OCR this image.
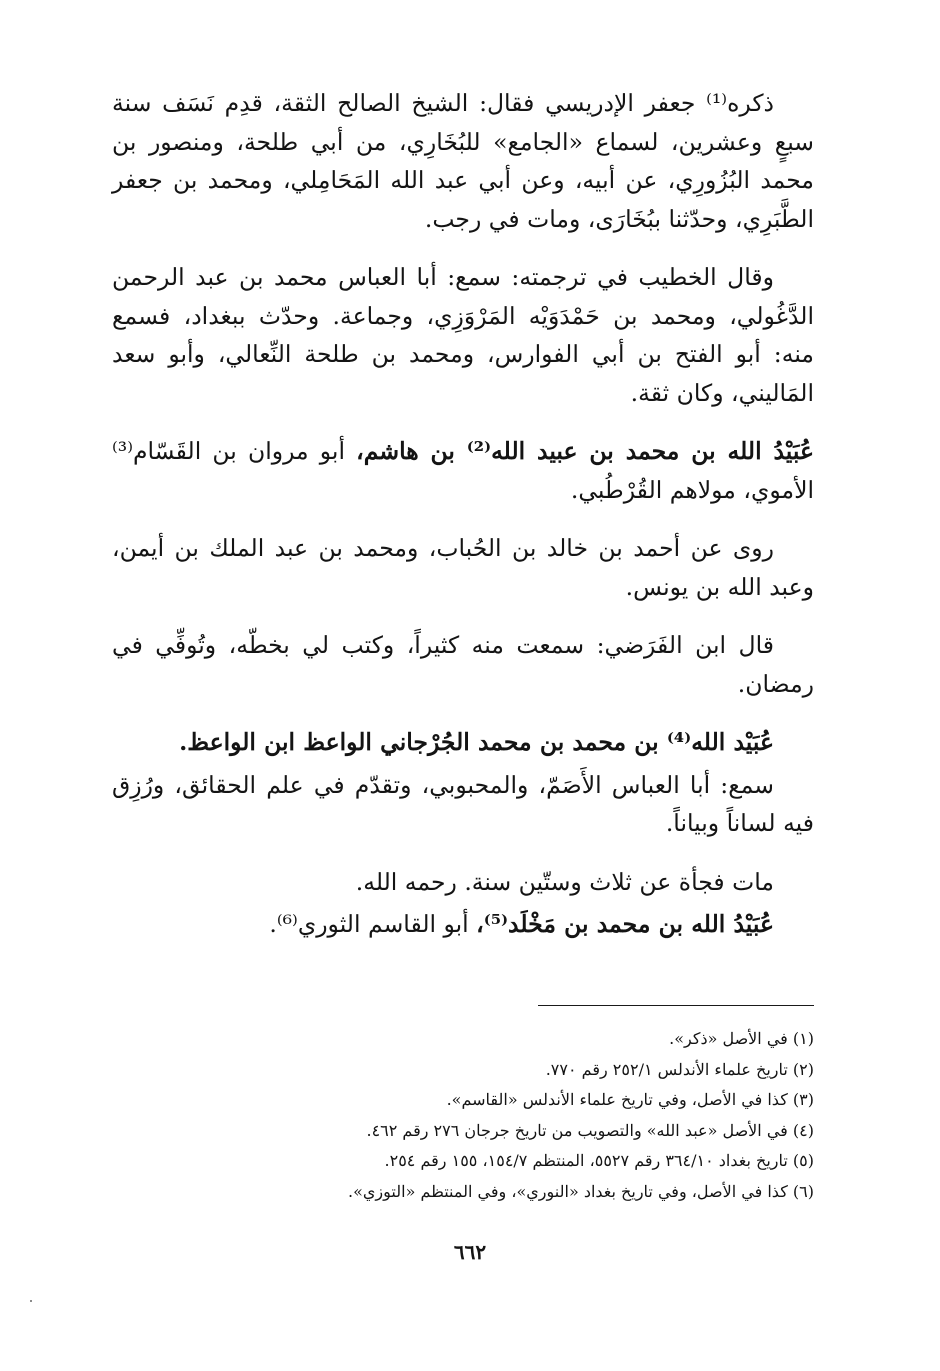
ذكره⁽¹⁾ جعفر الإدريسي فقال: الشيخ الصالح الثقة، قدِم نَسَف سنة سبعٍ وعشرين، لسماع «الجامع» للبُخَارِي، من أبي طلحة، ومنصور بن محمد البُزُورِي، عن أبيه، وعن أبي عبد الله المَحَامِلي، ومحمد بن جعفر الطَّبَرِي، وحدّثنا ببُخَارَى، ومات في رجب.

وقال الخطيب في ترجمته: سمع: أبا العباس محمد بن عبد الرحمن الدَّغُولي، ومحمد بن حَمْدَوَيْه المَرْوَزِي، وجماعة. وحدّث ببغداد، فسمع منه: أبو الفتح بن أبي الفوارس، ومحمد بن طلحة النِّعالي، وأبو سعد المَاليني، وكان ثقة.

عُبَيْدُ الله بن محمد بن عبيد الله⁽²⁾ بن هاشم، أبو مروان بن القَسّام⁽³⁾ الأموي، مولاهم القُرْطُبي.

روى عن أحمد بن خالد بن الحُباب، ومحمد بن عبد الملك بن أيمن، وعبد الله بن يونس.

قال ابن الفَرَضي: سمعت منه كثيراً، وكتب لي بخطّه، وتُوفِّي في رمضان.

عُبَيْد الله⁽⁴⁾ بن محمد بن محمد الجُرْجاني الواعظ ابن الواعظ.

سمع: أبا العباس الأَصَمّ، والمحبوبي، وتقدّم في علم الحقائق، ورُزِق فيه لساناً وبياناً.

مات فجأة عن ثلاث وستّين سنة. رحمه الله.

عُبَيْدُ الله بن محمد بن مَخْلَد⁽⁵⁾، أبو القاسم الثوري⁽⁶⁾.

(١) في الأصل «ذكر».
(٢) تاريخ علماء الأندلس ٢٥٢/١ رقم ٧٧٠.
(٣) كذا في الأصل، وفي تاريخ علماء الأندلس «القاسم».
(٤) في الأصل «عبد الله» والتصويب من تاريخ جرجان ٢٧٦ رقم ٤٦٢.
(٥) تاريخ بغداد ٣٦٤/١٠ رقم ٥٥٢٧، المنتظم ١٥٤/٧، ١٥٥ رقم ٢٥٤.
(٦) كذا في الأصل، وفي تاريخ بغداد «النوري»، وفي المنتظم «التوزي».
٦٦٢
